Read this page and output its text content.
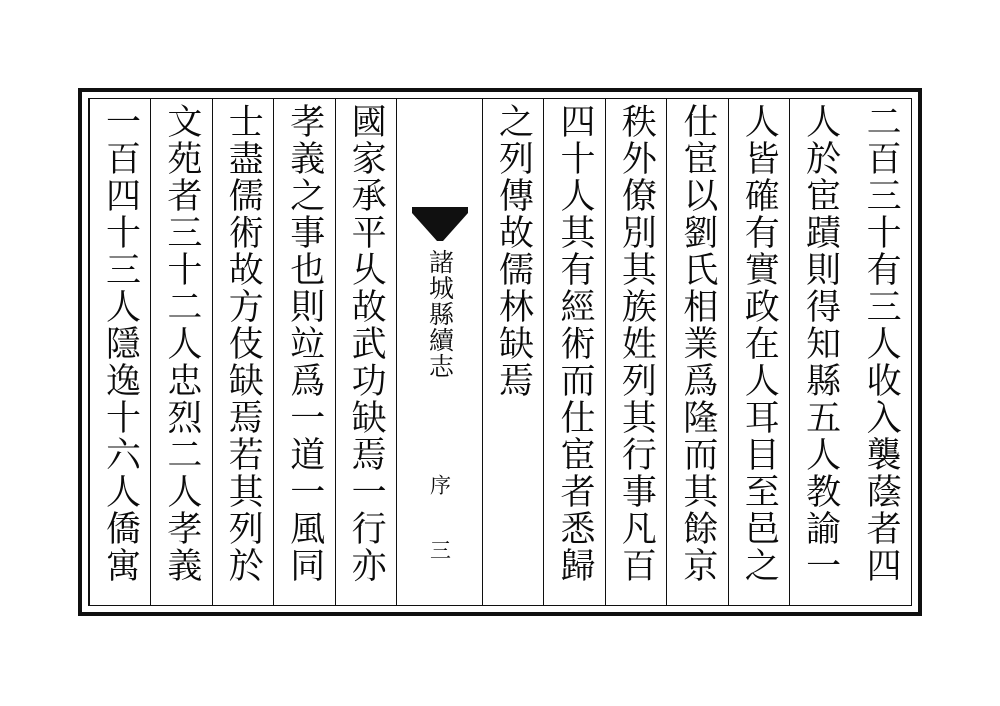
二百三十有三人收入襲蔭者四
人於宦蹟則得知縣五人教諭一
人皆確有實政在人耳目至邑之
仕宦以劉氏相業爲隆而其餘京
秩外僚別其族姓列其行事凡百
四十人其有經術而仕宦者悉歸
之列傳故儒林缺焉
諸城縣續志
序
三
國家承平乆故武功缺焉一行亦
孝義之事也則竝爲一道一風同
士盡儒術故方伎缺焉若其列於
文苑者三十二人忠烈二人孝義
一百四十三人隱逸十六人僑寓
